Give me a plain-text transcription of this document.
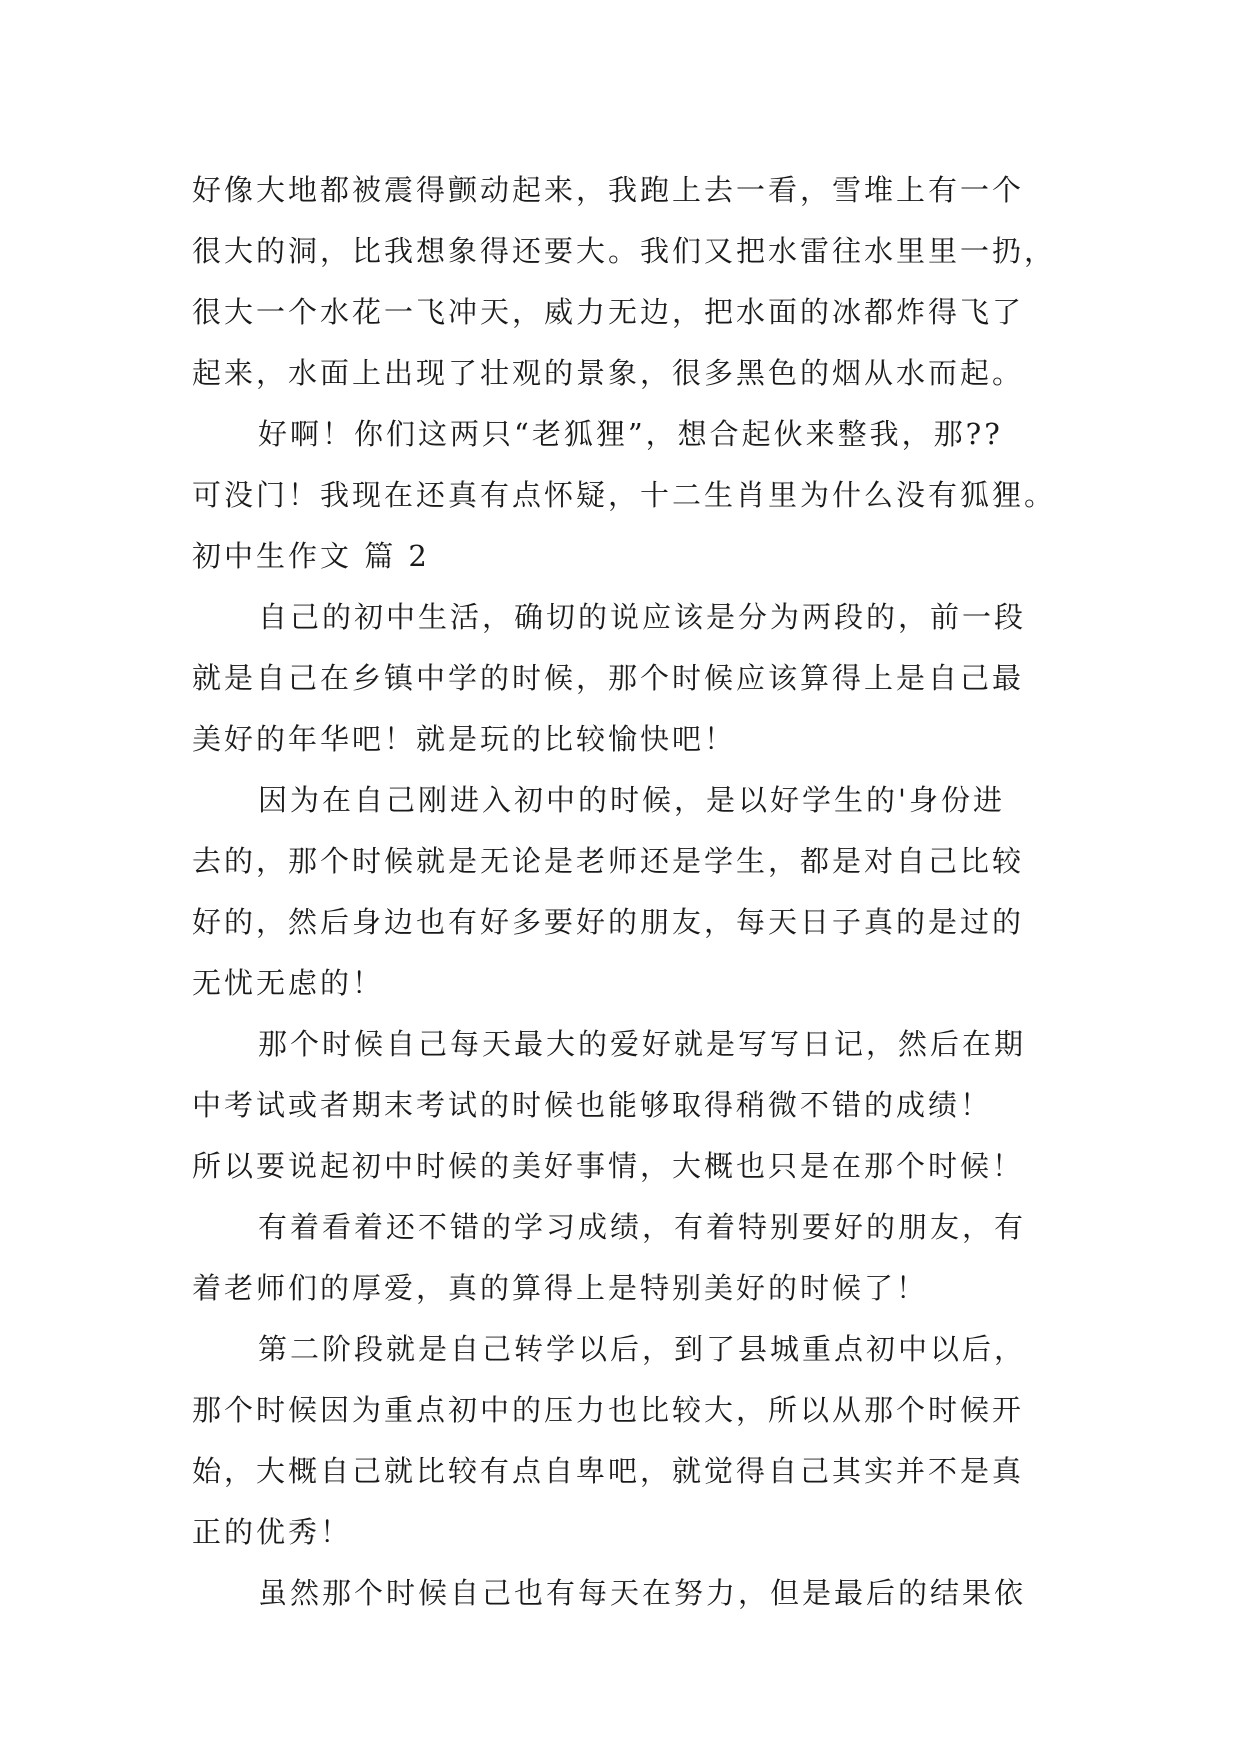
好像大地都被震得颤动起来，我跑上去一看，雪堆上有一个
很大的洞，比我想象得还要大。我们又把水雷往水里里一扔，
很大一个水花一飞冲天，威力无边，把水面的冰都炸得飞了
起来，水面上出现了壮观的景象，很多黑色的烟从水而起。
好啊！你们这两只“老狐狸”，想合起伙来整我，那??
可没门！我现在还真有点怀疑，十二生肖里为什么没有狐狸。
初中生作文 篇 2
自己的初中生活，确切的说应该是分为两段的，前一段
就是自己在乡镇中学的时候，那个时候应该算得上是自己最
美好的年华吧！就是玩的比较愉快吧！
因为在自己刚进入初中的时候，是以好学生的'身份进
去的，那个时候就是无论是老师还是学生，都是对自己比较
好的，然后身边也有好多要好的朋友，每天日子真的是过的
无忧无虑的！
那个时候自己每天最大的爱好就是写写日记，然后在期
中考试或者期末考试的时候也能够取得稍微不错的成绩！
所以要说起初中时候的美好事情，大概也只是在那个时候！
有着看着还不错的学习成绩，有着特别要好的朋友，有
着老师们的厚爱，真的算得上是特别美好的时候了！
第二阶段就是自己转学以后，到了县城重点初中以后，
那个时候因为重点初中的压力也比较大，所以从那个时候开
始，大概自己就比较有点自卑吧，就觉得自己其实并不是真
正的优秀！
虽然那个时候自己也有每天在努力，但是最后的结果依
